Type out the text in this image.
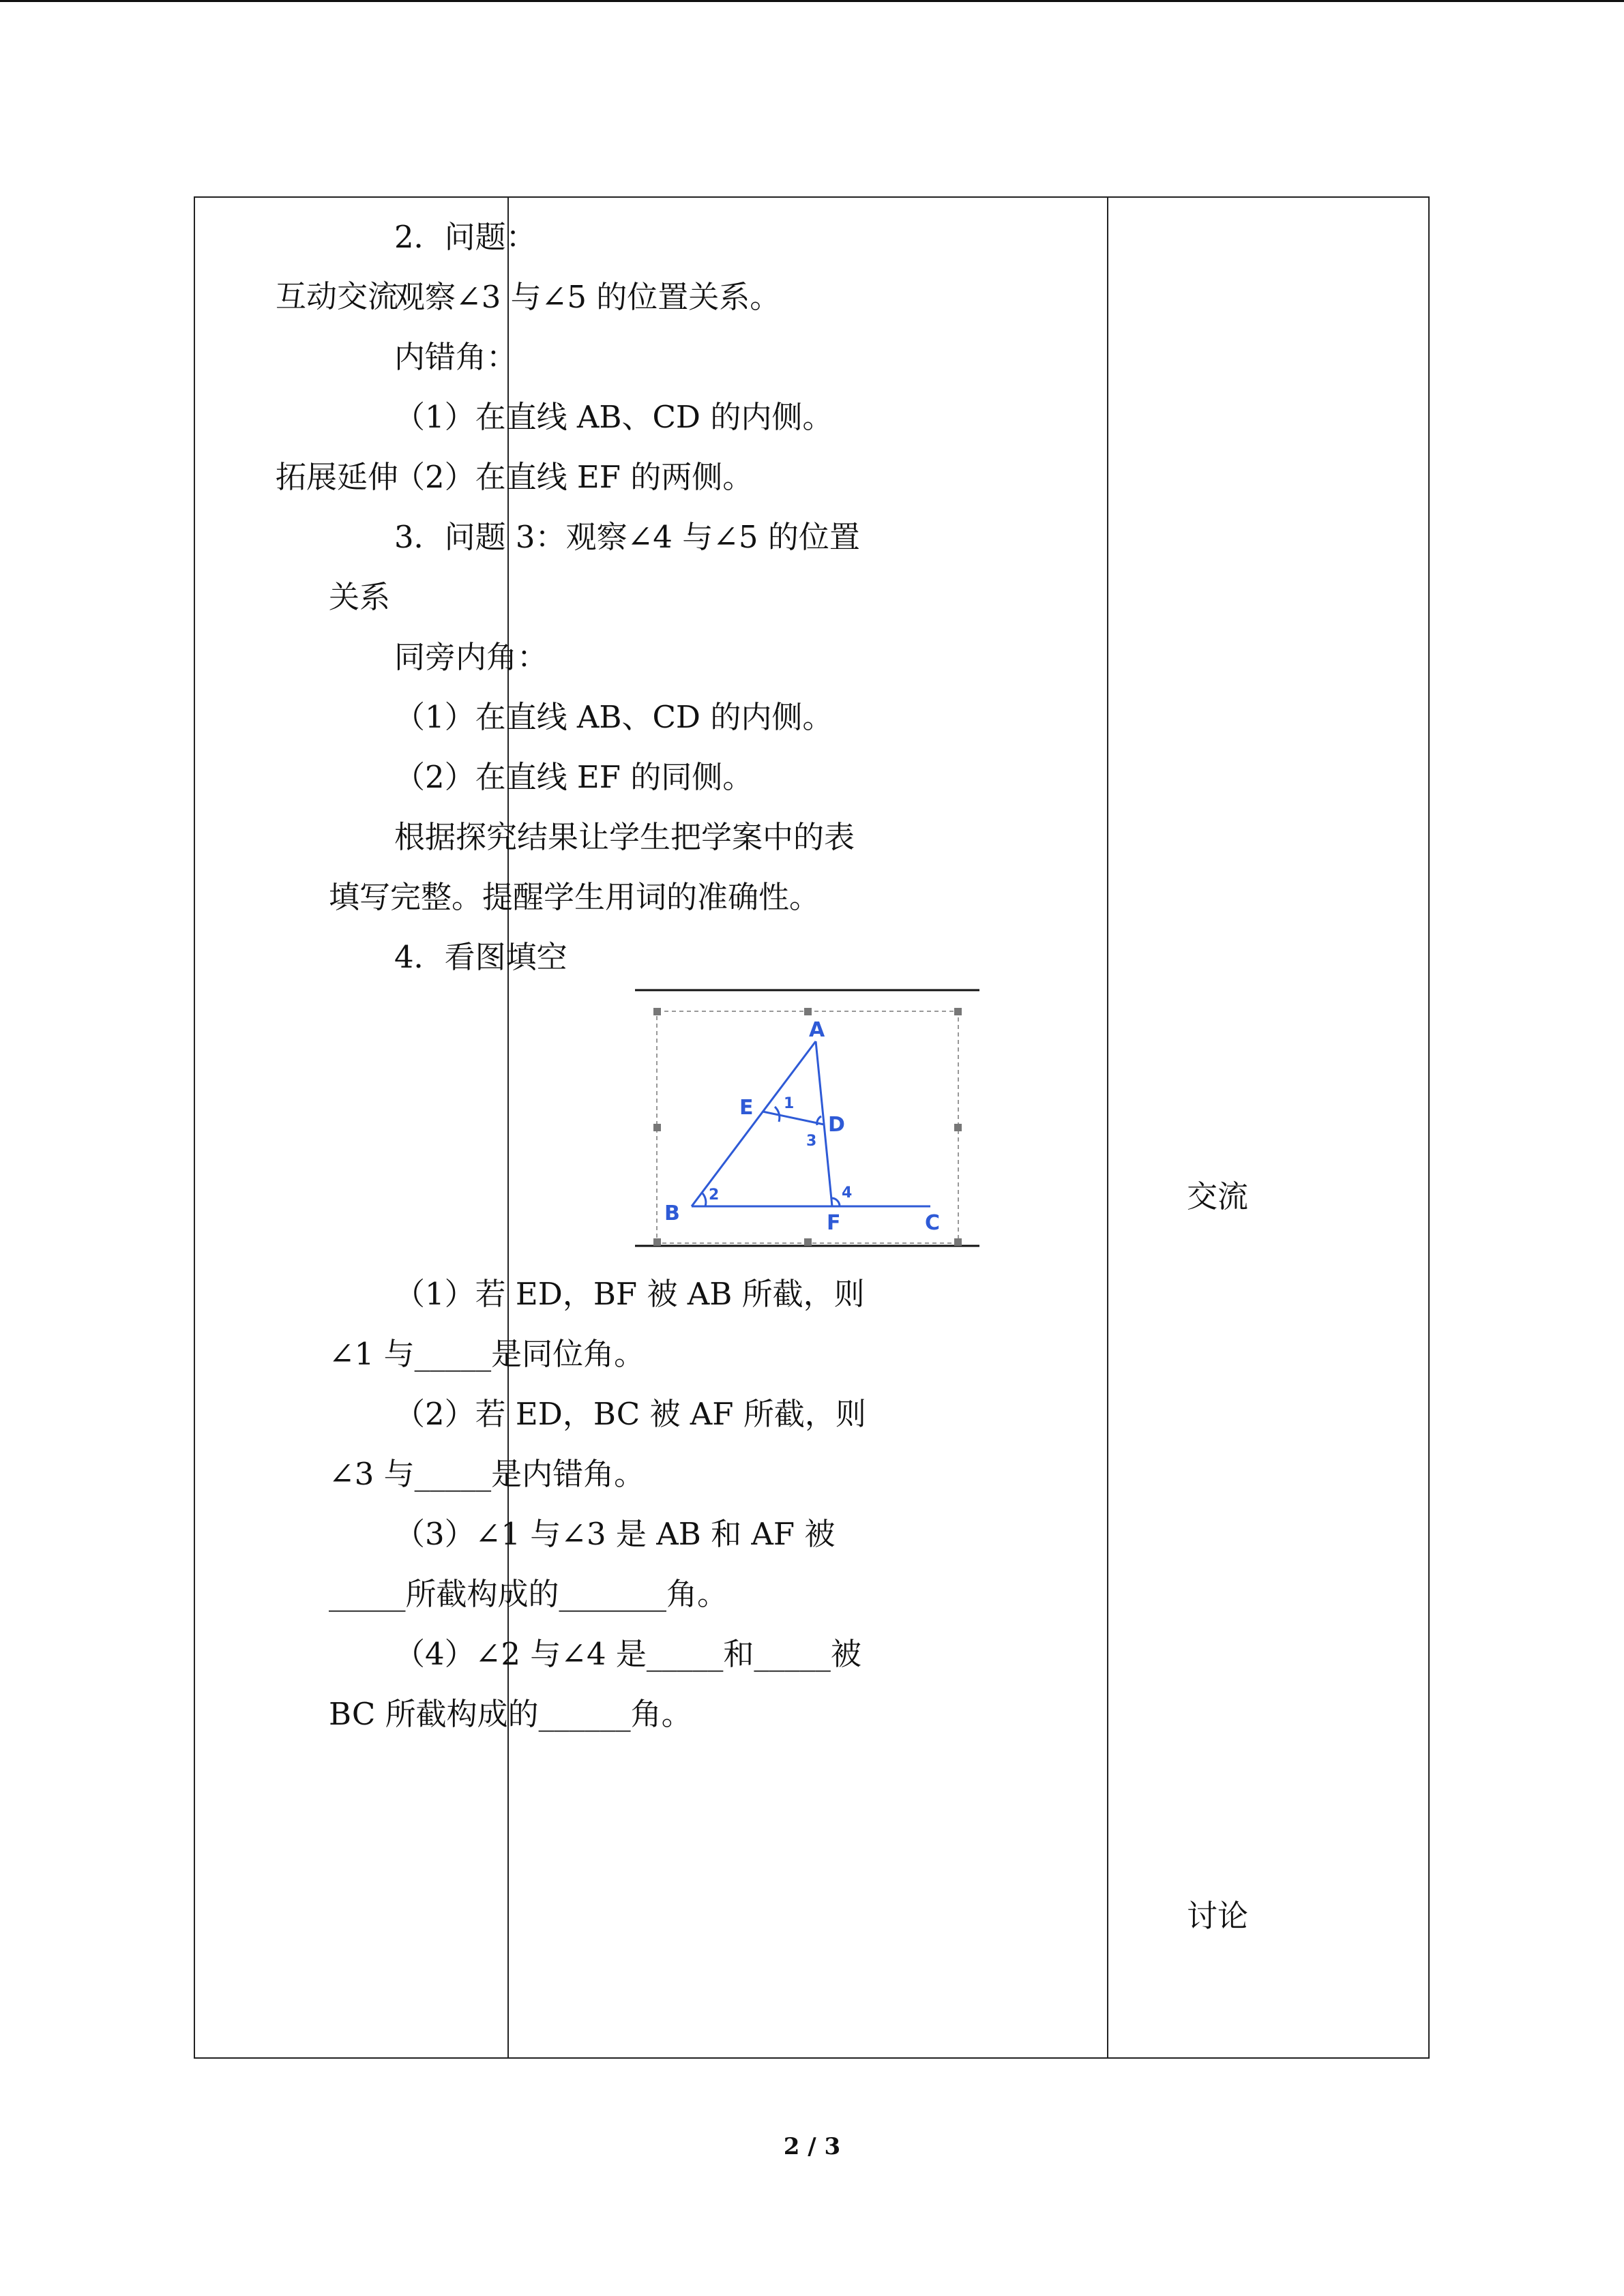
互动交流
拓展延伸
交流
讨论
2．问题：
观察∠3 与∠5 的位置关系。
内错角：
（1）在直线 AB、CD 的内侧。
（2）在直线 EF 的两侧。
3．问题 3：观察∠4 与∠5 的位置
关系
同旁内角：
（1）在直线 AB、CD 的内侧。
（2）在直线 EF 的同侧。
根据探究结果让学生把学案中的表
填写完整。提醒学生用词的准确性。
4．看图填空
（1）若 ED，BF 被 AB 所截，则
∠1 与_____是同位角。
（2）若 ED，BC 被 AF 所截，则
∠3 与_____是内错角。
（3）∠1 与∠3 是 AB 和 AF 被
_____所截构成的_______角。
（4）∠2 与∠4 是_____和_____被
BC 所截构成的______角。
A
E
D
B	F	C
1
2
3
4
2 / 3
